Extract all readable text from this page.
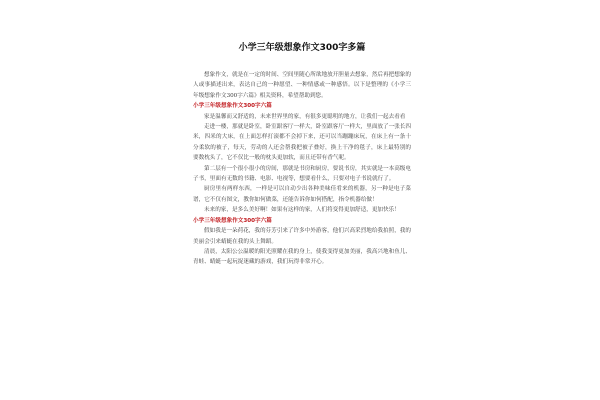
小学三年级想象作文300字多篇

想象作文，就是在一定的时间、空间里随心所欲地放开胆量去想象，然后再把想象的人或事描述出来，表达自己的一种愿望、一种情感或一种感悟。以下是整理的《小学三年级想象作文300字六篇》相关资料，希望帮助到您。

小学三年级想象作文300字六篇

家是温馨而又舒适的，未来世界里的家，有很多更聪明的地方，让我们一起去看看

走进一楼，那就是卧室，卧室跟客厅一样大，卧室跟客厅一样大，里面放了一张长四米，四米的大床，在上面怎样打滚都不会掉下来，还可以当蹦蹦床玩，在床上有一条十分柔软的被子，每天，劳动的人还会帮我把被子叠好，换上干净的毯子，床上最特别的要数枕头了，它不仅比一般的枕头更加软，而且还带有香气呢。

第二层有一个很小很小的房间，那就是书房和厨房，要说书房，其实就是一本高级电子书，里面有无数的书籍、电影、电视等，想要看什么，只要对电子书说就行了。

厨房里有两样东西，一样是可以自动少出各种美味佳肴来的机器，另一种是电子菜谱，它不仅有图文，教你如何做菜，还能告诉你如何搭配，指令机器给做！

未来的家，是多么美好啊！如果有这样的家，人们将变得更加舒适，更加快乐！

小学三年级想象作文300字六篇

假如我是一朵荷花，我的芬芳引来了许多中外游客，他们兴高采烈地给我拍照，我的美丽会引来蜻蜓在我的头上舞蹈。

清晨，太阳公公温暖的阳光照耀在我的身上，使我变得更加美丽，我高兴地和鱼儿、青蛙、蜻蜓一起玩捉迷藏的游戏，我们玩得非常开心。
